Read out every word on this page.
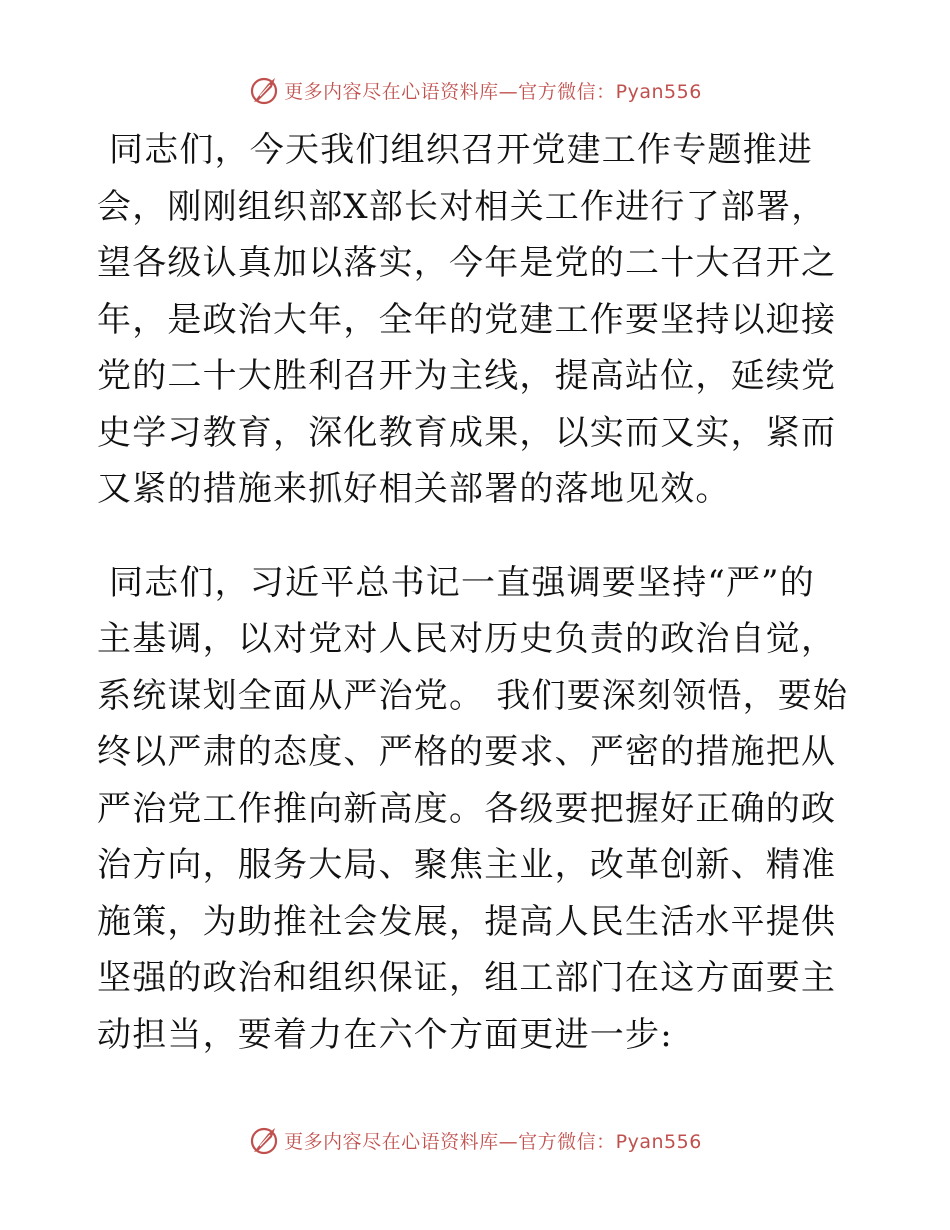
更多内容尽在心语资料库—官方微信：Pyan556

同志们，今天我们组织召开党建工作专题推进会，刚刚组织部X部长对相关工作进行了部署，望各级认真加以落实，今年是党的二十大召开之年，是政治大年，全年的党建工作要坚持以迎接党的二十大胜利召开为主线，提高站位，延续党史学习教育，深化教育成果，以实而又实，紧而又紧的措施来抓好相关部署的落地见效。

同志们，习近平总书记一直强调要坚持“严”的主基调，以对党对人民对历史负责的政治自觉，系统谋划全面从严治党。 我们要深刻领悟，要始终以严肃的态度、严格的要求、严密的措施把从严治党工作推向新高度。各级要把握好正确的政治方向，服务大局、聚焦主业，改革创新、精准施策，为助推社会发展，提高人民生活水平提供坚强的政治和组织保证，组工部门在这方面要主动担当，要着力在六个方面更进一步:

更多内容尽在心语资料库—官方微信：Pyan556
